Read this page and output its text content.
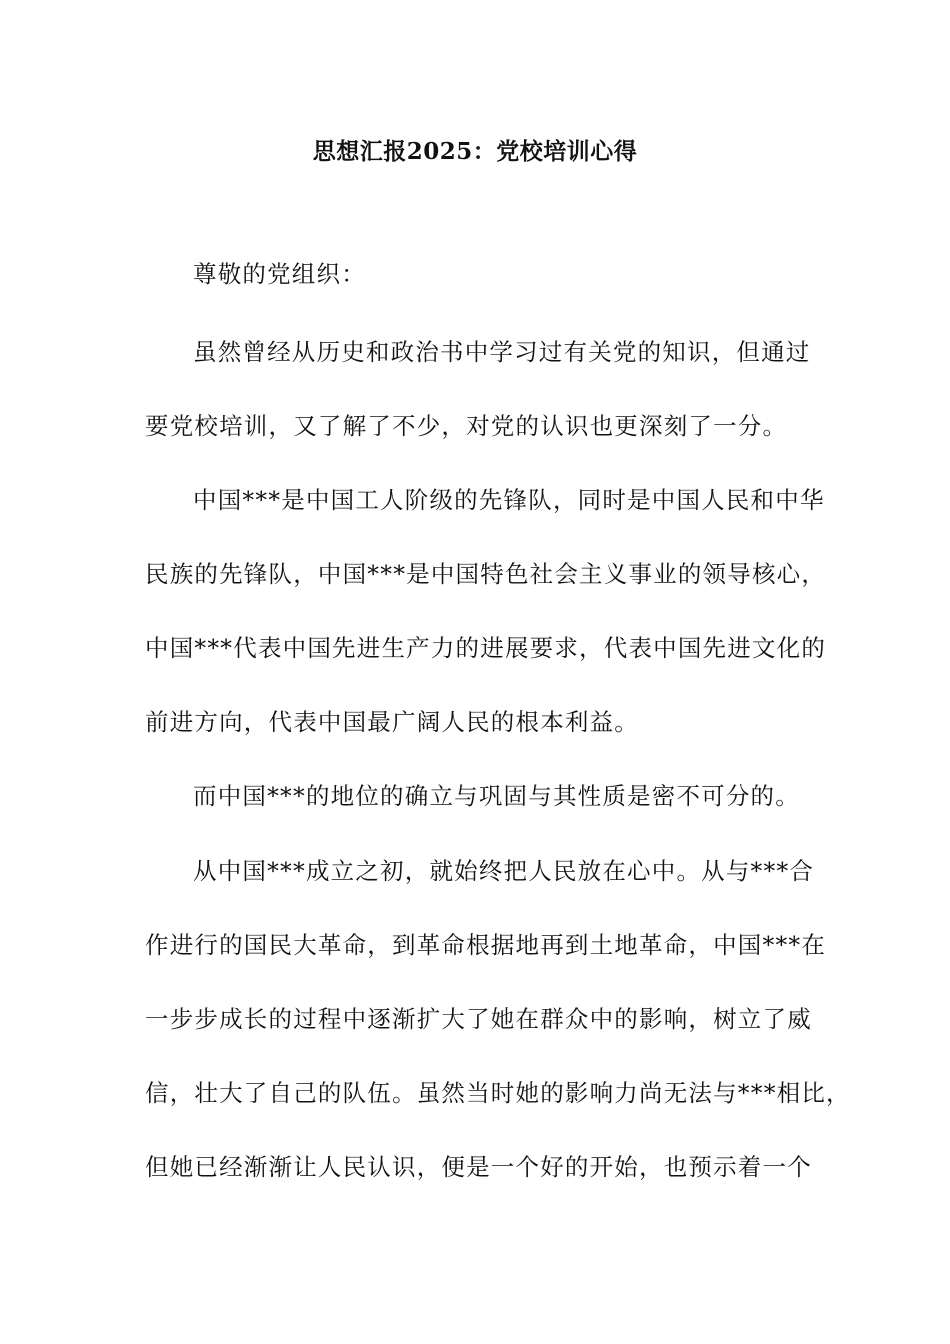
思想汇报2025：党校培训心得
尊敬的党组织：
虽然曾经从历史和政治书中学习过有关党的知识，但通过
要党校培训，又了解了不少，对党的认识也更深刻了一分。
中国***是中国工人阶级的先锋队，同时是中国人民和中华
民族的先锋队，中国***是中国特色社会主义事业的领导核心，
中国***代表中国先进生产力的进展要求，代表中国先进文化的
前进方向，代表中国最广阔人民的根本利益。
而中国***的地位的确立与巩固与其性质是密不可分的。
从中国***成立之初，就始终把人民放在心中。从与***合
作进行的国民大革命，到革命根据地再到土地革命，中国***在
一步步成长的过程中逐渐扩大了她在群众中的影响，树立了威
信，壮大了自己的队伍。虽然当时她的影响力尚无法与***相比，
但她已经渐渐让人民认识，便是一个好的开始，也预示着一个
